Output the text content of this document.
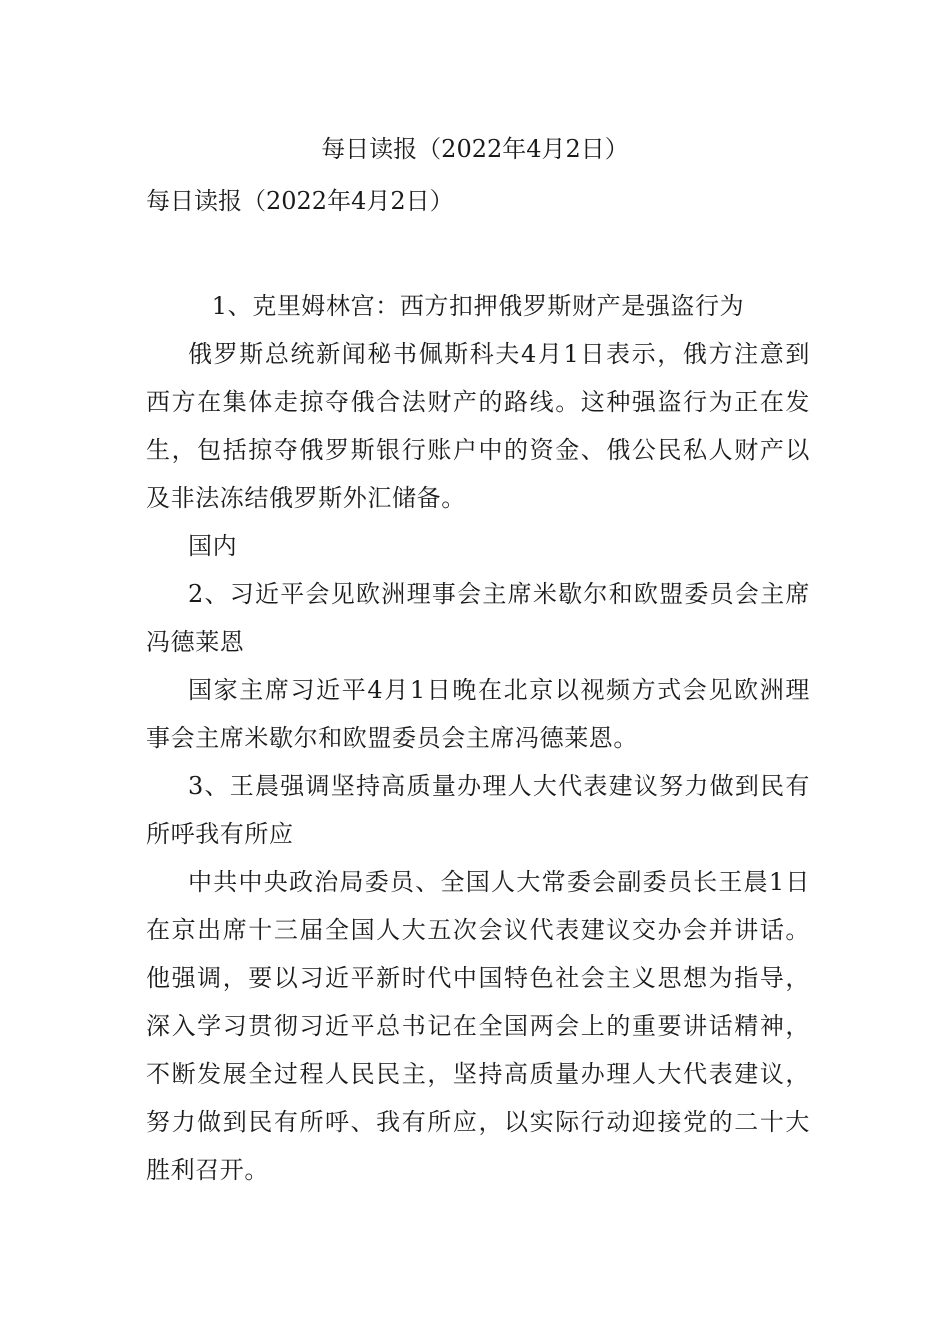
每日读报（2022年4月2日）
每日读报（2022年4月2日）

1、克里姆林宫：西方扣押俄罗斯财产是强盗行为

俄罗斯总统新闻秘书佩斯科夫4月1日表示，俄方注意到西方在集体走掠夺俄合法财产的路线。这种强盗行为正在发生，包括掠夺俄罗斯银行账户中的资金、俄公民私人财产以及非法冻结俄罗斯外汇储备。

国内

2、习近平会见欧洲理事会主席米歇尔和欧盟委员会主席冯德莱恩

国家主席习近平4月1日晚在北京以视频方式会见欧洲理事会主席米歇尔和欧盟委员会主席冯德莱恩。

3、王晨强调坚持高质量办理人大代表建议努力做到民有所呼我有所应

中共中央政治局委员、全国人大常委会副委员长王晨1日在京出席十三届全国人大五次会议代表建议交办会并讲话。他强调，要以习近平新时代中国特色社会主义思想为指导，深入学习贯彻习近平总书记在全国两会上的重要讲话精神，不断发展全过程人民民主，坚持高质量办理人大代表建议，努力做到民有所呼、我有所应，以实际行动迎接党的二十大胜利召开。
